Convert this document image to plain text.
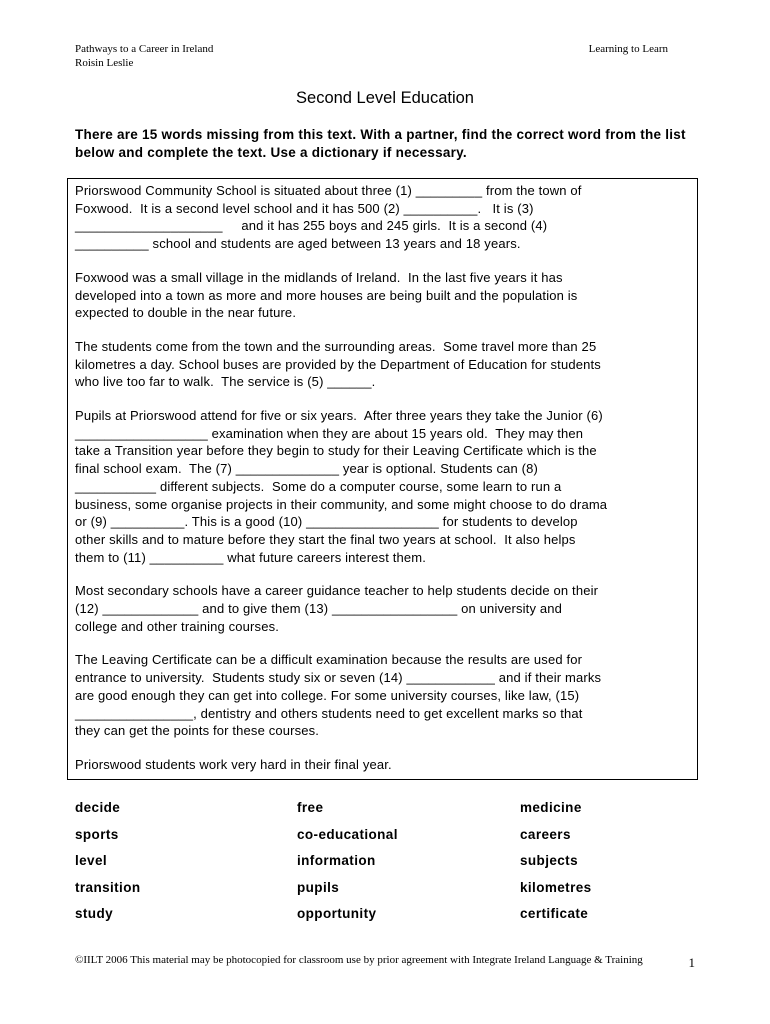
Pathways to a Career in Ireland
Roisin Leslie
Learning to Learn
Second Level Education
There are 15 words missing from this text. With a partner, find the correct word from the list below and complete the text. Use a dictionary if necessary.

Priorswood Community School is situated about three (1) _________ from the town of
Foxwood.  It is a second level school and it has 500 (2) __________.   It is (3)
____________________     and it has 255 boys and 245 girls.  It is a second (4)
__________ school and students are aged between 13 years and 18 years.

Foxwood was a small village in the midlands of Ireland.  In the last five years it has
developed into a town as more and more houses are being built and the population is
expected to double in the near future.

The students come from the town and the surrounding areas.  Some travel more than 25
kilometres a day. School buses are provided by the Department of Education for students
who live too far to walk.  The service is (5) ______.

Pupils at Priorswood attend for five or six years.  After three years they take the Junior (6)
__________________ examination when they are about 15 years old.  They may then
take a Transition year before they begin to study for their Leaving Certificate which is the
final school exam.  The (7) ______________ year is optional. Students can (8)
___________ different subjects.  Some do a computer course, some learn to run a
business, some organise projects in their community, and some might choose to do drama
or (9) __________. This is a good (10) __________________ for students to develop
other skills and to mature before they start the final two years at school.  It also helps
them to (11) __________ what future careers interest them.

Most secondary schools have a career guidance teacher to help students decide on their
(12) _____________ and to give them (13) _________________ on university and
college and other training courses.

The Leaving Certificate can be a difficult examination because the results are used for
entrance to university.  Students study six or seven (14) ____________ and if their marks
are good enough they can get into college. For some university courses, like law, (15)
________________, dentistry and others students need to get excellent marks so that
they can get the points for these courses.

Priorswood students work very hard in their final year.

decide	free	medicine
sports	co-educational	careers
level	information	subjects
transition	pupils	kilometres
study	opportunity	certificate
©IILT 2006 This material may be photocopied for classroom use by prior agreement with Integrate Ireland Language & Training	1
